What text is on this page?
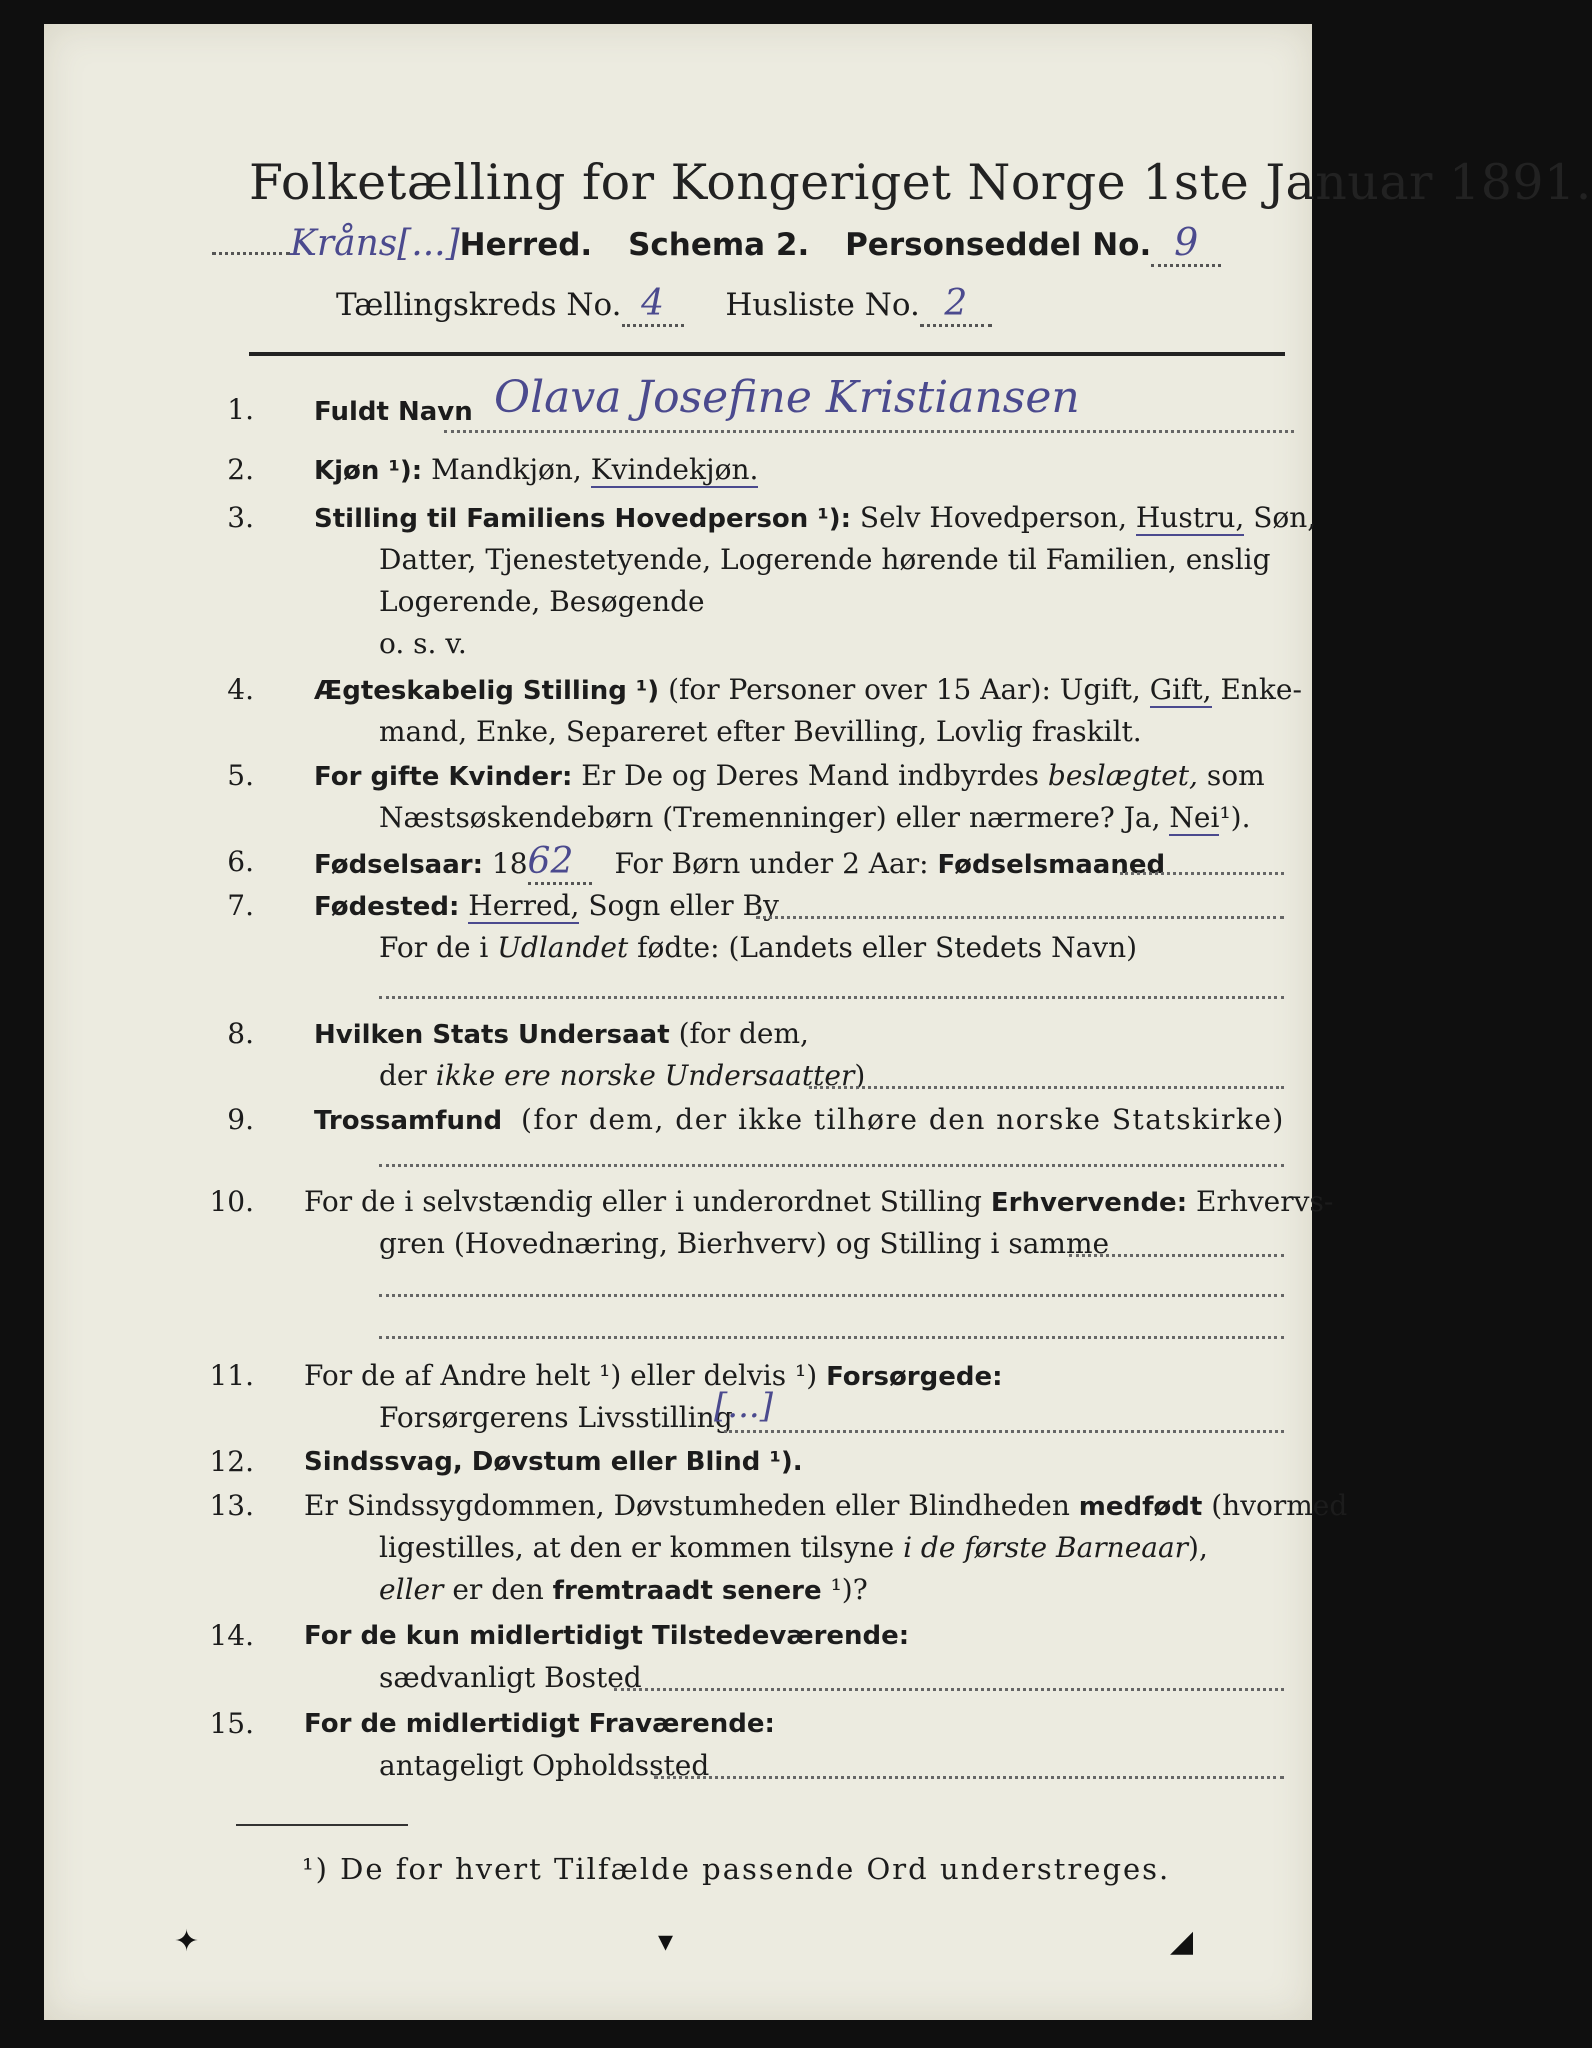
Folketælling for Kongeriget Norge 1ste Januar 1891.
Kråns[...]Herred. Schema 2. Personseddel No. 9
Tællingskreds No. 4 Husliste No. 2
1. Fuldt Navn Olava Josefine Kristiansen
2. Kjøn ¹): Mandkjøn, Kvindekjøn.
3. Stilling til Familiens Hovedperson ¹): Selv Hovedperson, Hustru, Søn,
Datter, Tjenestetyende, Logerende hørende til Familien, enslig
Logerende, Besøgende
o. s. v.
4. Ægteskabelig Stilling ¹) (for Personer over 15 Aar): Ugift, Gift, Enke-
mand, Enke, Separeret efter Bevilling, Lovlig fraskilt.
5. For gifte Kvinder: Er De og Deres Mand indbyrdes beslægtet, som
Næstsøskendebørn (Tremenninger) eller nærmere? Ja, Nei¹).
6. Fødselsaar: 1862 For Børn under 2 Aar: Fødselsmaaned
7. Fødested: Herred, Sogn eller By
For de i Udlandet fødte: (Landets eller Stedets Navn)
8. Hvilken Stats Undersaat (for dem,
der ikke ere norske Undersaatter)
9. Trossamfund (for dem, der ikke tilhøre den norske Statskirke)
10. For de i selvstændig eller i underordnet Stilling Erhvervende: Erhvervs-
gren (Hovednæring, Bierhverv) og Stilling i samme
11. For de af Andre helt ¹) eller delvis ¹) Forsørgede:
Forsørgerens Livsstilling
[...]
12. Sindssvag, Døvstum eller Blind ¹).
13. Er Sindssygdommen, Døvstumheden eller Blindheden medfødt (hvormed
ligestilles, at den er kommen tilsyne i de første Barneaar),
eller er den fremtraadt senere ¹)?
14. For de kun midlertidigt Tilstedeværende:
sædvanligt Bosted
15. For de midlertidigt Fraværende:
antageligt Opholdssted
¹) De for hvert Tilfælde passende Ord understreges.
✦	▾	◢
